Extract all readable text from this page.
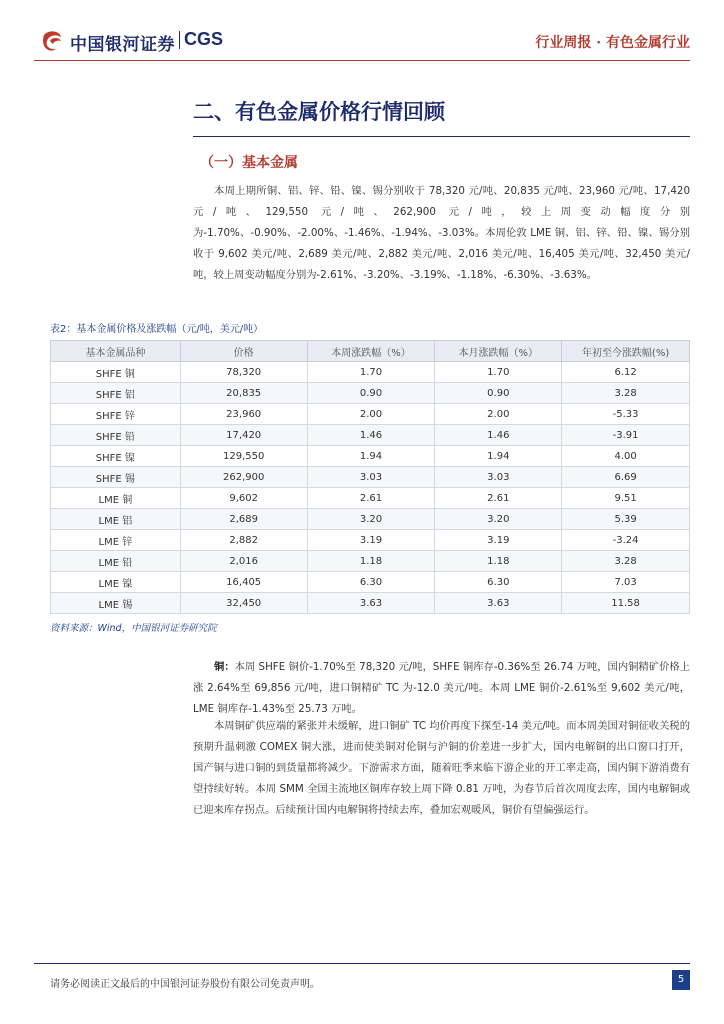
中国银河证券 CGS	行业周报 · 有色金属行业
二、有色金属价格行情回顾
（一）基本金属
本周上期所铜、铝、锌、铅、镍、锡分别收于 78,320 元/吨、20,835 元/吨、23,960 元/吨、17,420 元/吨、129,550 元/吨、262,900 元/吨，较上周变动幅度分别为-1.70%、-0.90%、-2.00%、-1.46%、-1.94%、-3.03%。本周伦敦 LME 铜、铝、锌、铅、镍、锡分别收于 9,602 美元/吨、2,689 美元/吨、2,882 美元/吨、2,016 美元/吨、16,405 美元/吨、32,450 美元/吨，较上周变动幅度分别为-2.61%、-3.20%、-3.19%、-1.18%、-6.30%、-3.63%。
表2：基本金属价格及涨跌幅（元/吨，美元/吨）
基本金属品种	价格	本周涨跌幅（%）	本月涨跌幅（%）	年初至今涨跌幅(%)
SHFE 铜	78,320	1.70	1.70	6.12
SHFE 铝	20,835	0.90	0.90	3.28
SHFE 锌	23,960	2.00	2.00	-5.33
SHFE 铅	17,420	1.46	1.46	-3.91
SHFE 镍	129,550	1.94	1.94	4.00
SHFE 锡	262,900	3.03	3.03	6.69
LME 铜	9,602	2.61	2.61	9.51
LME 铝	2,689	3.20	3.20	5.39
LME 锌	2,882	3.19	3.19	-3.24
LME 铅	2,016	1.18	1.18	3.28
LME 镍	16,405	6.30	6.30	7.03
LME 锡	32,450	3.63	3.63	11.58
资料来源：Wind，中国银河证券研究院
铜：本周 SHFE 铜价-1.70%至 78,320 元/吨，SHFE 铜库存-0.36%至 26.74 万吨，国内铜精矿价格上涨 2.64%至 69,856 元/吨，进口铜精矿 TC 为-12.0 美元/吨。本周 LME 铜价-2.61%至 9,602 美元/吨，LME 铜库存-1.43%至 25.73 万吨。
本周铜矿供应端的紧张并未缓解，进口铜矿 TC 均价再度下探至-14 美元/吨。而本周美国对铜征收关税的预期升温刺激 COMEX 铜大涨，进而使美铜对伦铜与沪铜的价差进一步扩大，国内电解铜的出口窗口打开，国产铜与进口铜的到货量都将减少。下游需求方面，随着旺季来临下游企业的开工率走高，国内铜下游消费有望持续好转。本周 SMM 全国主流地区铜库存较上周下降 0.81 万吨，为春节后首次周度去库，国内电解铜或已迎来库存拐点。后续预计国内电解铜将持续去库，叠加宏观暖风，铜价有望偏强运行。
请务必阅读正文最后的中国银河证券股份有限公司免责声明。	5
